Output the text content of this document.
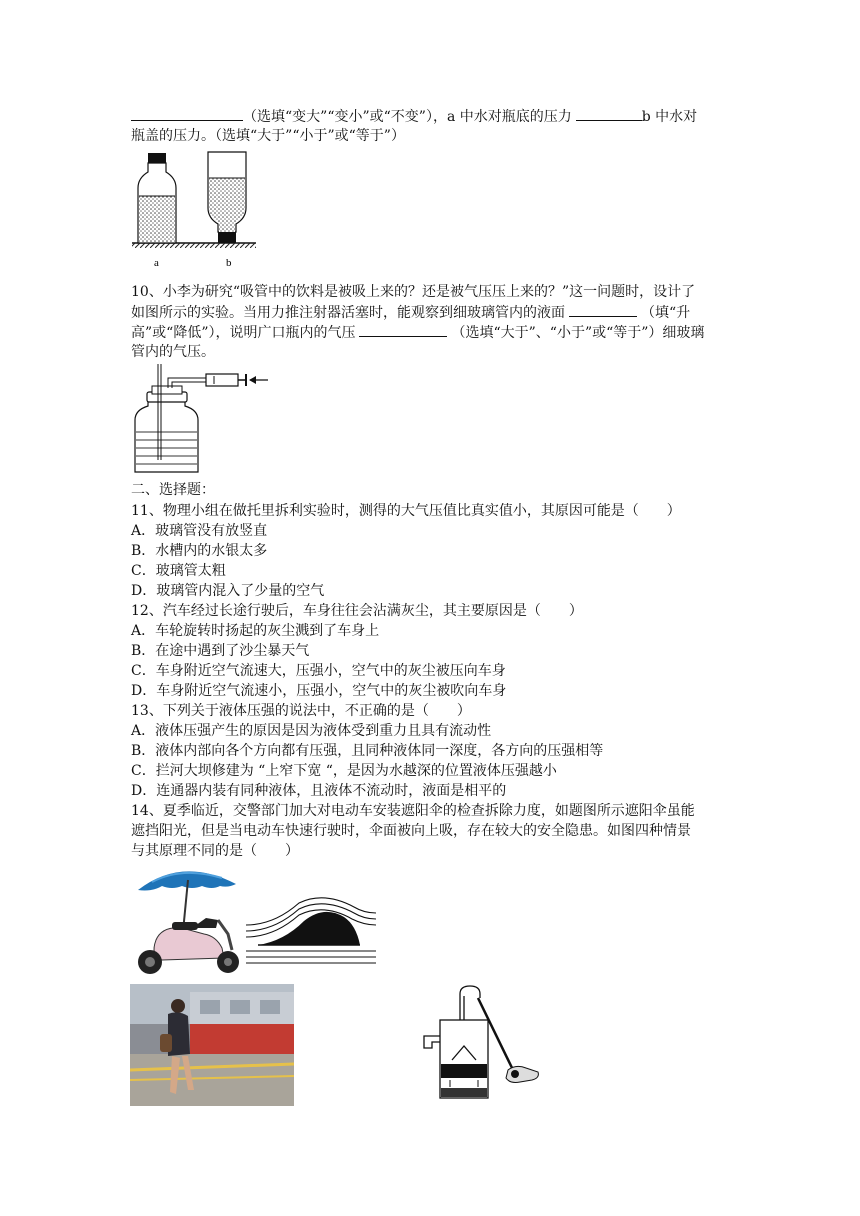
（选填“变大”“变小”或“不变”），a 中水对瓶底的压力	b 中水对
瓶盖的压力。（选填“大于”“小于”或“等于”）
a	b
10、小李为研究“吸管中的饮料是被吸上来的？还是被气压压上来的？”这一问题时，设计了
如图所示的实验。当用力推注射器活塞时，能观察到细玻璃管内的液面	（填“升
高”或“降低”），说明广口瓶内的气压	（选填“大于”、“小于”或“等于”）细玻璃
管内的气压。
二、选择题：
11、物理小组在做托里拆利实验时，测得的大气压值比真实值小，其原因可能是（　　）
A．玻璃管没有放竖直
B．水槽内的水银太多
C．玻璃管太粗
D．玻璃管内混入了少量的空气
12、汽车经过长途行驶后，车身往往会沾满灰尘，其主要原因是（　　）
A．车轮旋转时扬起的灰尘溅到了车身上
B．在途中遇到了沙尘暴天气
C．车身附近空气流速大，压强小，空气中的灰尘被压向车身
D．车身附近空气流速小，压强小，空气中的灰尘被吹向车身
13、下列关于液体压强的说法中，不正确的是（　　）
A．液体压强产生的原因是因为液体受到重力且具有流动性
B．液体内部向各个方向都有压强，且同种液体同一深度，各方向的压强相等
C．拦河大坝修建为 “上窄下宽 “，是因为水越深的位置液体压强越小
D．连通器内装有同种液体，且液体不流动时，液面是相平的
14、夏季临近，交警部门加大对电动车安装遮阳伞的检查拆除力度，如题图所示遮阳伞虽能
遮挡阳光，但是当电动车快速行驶时，伞面被向上吸，存在较大的安全隐患。如图四种情景
与其原理不同的是（　　）
